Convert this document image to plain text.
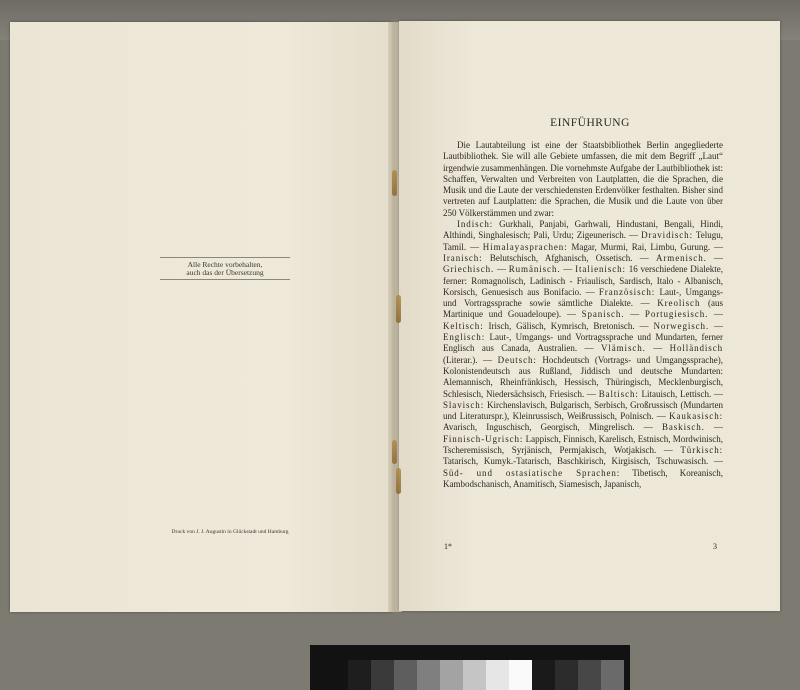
Alle Rechte vorbehalten,
auch das der Übersetzung
Druck von J. J. Augustin in Glückstadt und Hamburg
EINFÜHRUNG

Die Lautabteilung ist eine der Staatsbibliothek Berlin angegliederte Lautbibliothek. Sie will alle Gebiete umfassen, die mit dem Begriff „Laut“ irgendwie zusammenhängen. Die vornehmste Aufgabe der Lautbibliothek ist: Schaffen, Verwalten und Verbreiten von Lautplatten, die die Sprachen, die Musik und die Laute der verschiedensten Erdenvölker festhalten. Bisher sind vertreten auf Lautplatten: die Sprachen, die Musik und die Laute von über 250 Völkerstämmen und zwar:

Indisch: Gurkhali, Panjabi, Garhwali, Hindustani, Bengali, Hindi, Althindi, Singhalesisch; Pali, Urdu; Zigeunerisch. — Dravidisch: Telugu, Tamil. — Himalayasprachen: Magar, Murmi, Rai, Limbu, Gurung. — Iranisch: Belutschisch, Afghanisch, Ossetisch. — Armenisch. — Griechisch. — Rumänisch. — Italienisch: 16 verschiedene Dialekte, ferner: Romagnolisch, Ladinisch - Friaulisch, Sardisch, Italo - Albanisch, Korsisch, Genuesisch aus Bonifacio. — Französisch: Laut-, Umgangs- und Vortragssprache sowie sämtliche Dialekte. — Kreolisch (aus Martinique und Gouadeloupe). — Spanisch. — Portugiesisch. — Keltisch: Irisch, Gälisch, Kymrisch, Bretonisch. — Norwegisch. — Englisch: Laut-, Umgangs- und Vortragssprache und Mundarten, ferner Englisch aus Canada, Australien. — Vlämisch. — Holländisch (Literar.). — Deutsch: Hochdeutsch (Vortrags- und Umgangssprache), Kolonistendeutsch aus Rußland, Jiddisch und deutsche Mundarten: Alemannisch, Rheinfränkisch, Hessisch, Thüringisch, Mecklenburgisch, Schlesisch, Niedersächsisch, Friesisch. — Baltisch: Litauisch, Lettisch. — Slavisch: Kirchenslavisch, Bulgarisch, Serbisch, Großrussisch (Mundarten und Literaturspr.), Kleinrussisch, Weißrussisch, Polnisch. — Kaukasisch: Avarisch, Inguschisch, Georgisch, Mingrelisch. — Baskisch. — Finnisch-Ugrisch: Lappisch, Finnisch, Karelisch, Estnisch, Mordwinisch, Tscheremissisch, Syrjänisch, Permjakisch, Wotjakisch. — Türkisch: Tatarisch, Kumyk.-Tatarisch, Baschkirisch, Kirgisisch, Tschuwasisch. — Süd- und ostasiatische Sprachen: Tibetisch, Koreanisch, Kambodschanisch, Anamitisch, Siamesisch, Japanisch,

1*	3
